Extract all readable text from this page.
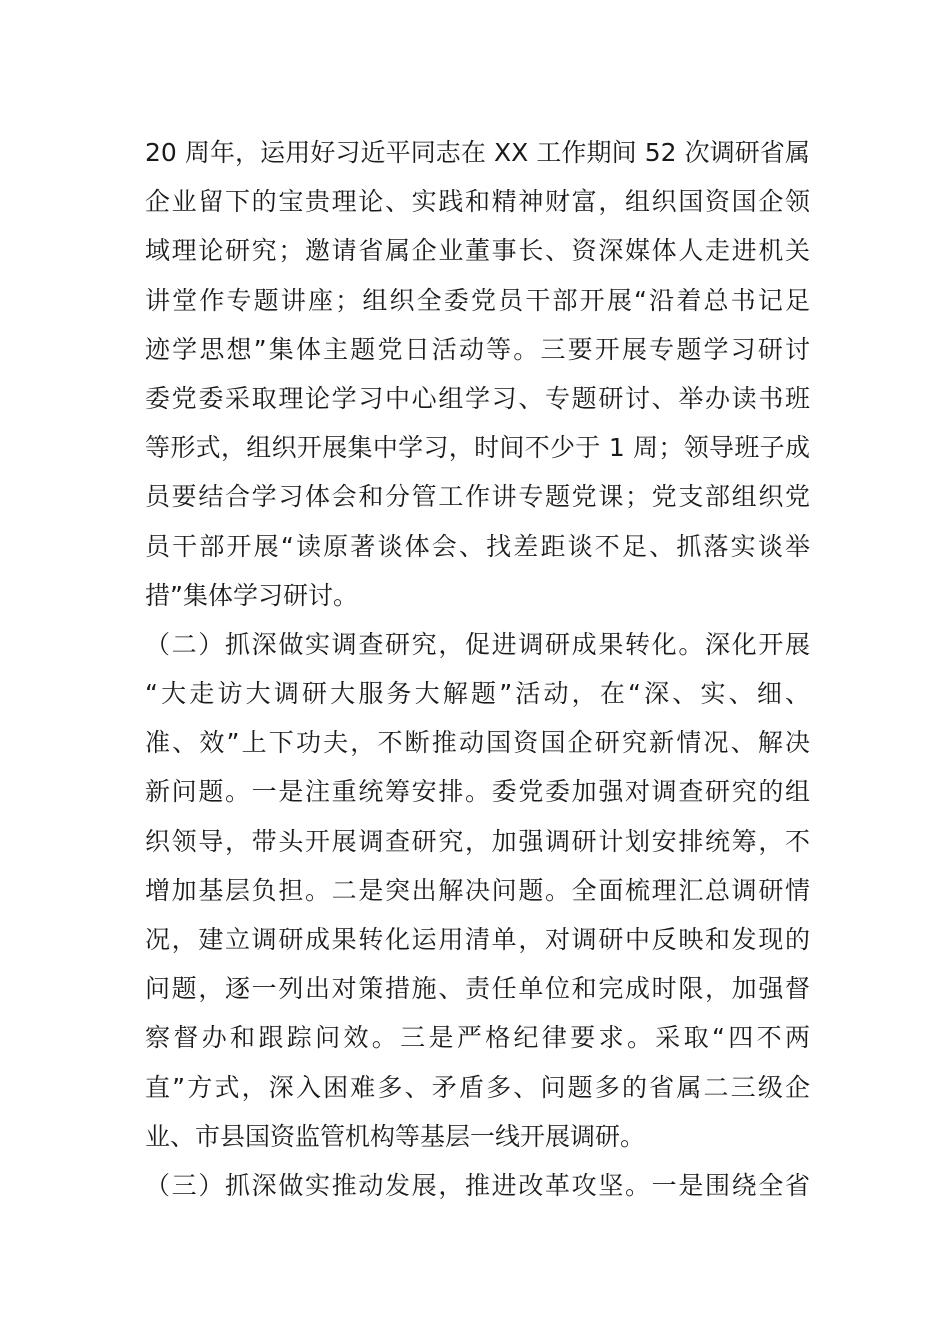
20 周年，运用好习近平同志在 XX 工作期间 52 次调研省属
企业留下的宝贵理论、实践和精神财富，组织国资国企领
域理论研究；邀请省属企业董事长、资深媒体人走进机关
讲堂作专题讲座；组织全委党员干部开展“沿着总书记足
迹学思想”集体主题党日活动等。三要开展专题学习研讨
委党委采取理论学习中心组学习、专题研讨、举办读书班
等形式，组织开展集中学习，时间不少于 1 周；领导班子成
员要结合学习体会和分管工作讲专题党课；党支部组织党
员干部开展“读原著谈体会、找差距谈不足、抓落实谈举
措”集体学习研讨。
（二）抓深做实调查研究，促进调研成果转化。深化开展
“大走访大调研大服务大解题”活动，在“深、实、细、
准、效”上下功夫，不断推动国资国企研究新情况、解决
新问题。一是注重统筹安排。委党委加强对调查研究的组
织领导，带头开展调查研究，加强调研计划安排统筹，不
增加基层负担。二是突出解决问题。全面梳理汇总调研情
况，建立调研成果转化运用清单，对调研中反映和发现的
问题，逐一列出对策措施、责任单位和完成时限，加强督
察督办和跟踪问效。三是严格纪律要求。采取“四不两
直”方式，深入困难多、矛盾多、问题多的省属二三级企
业、市县国资监管机构等基层一线开展调研。
（三）抓深做实推动发展，推进改革攻坚。一是围绕全省
